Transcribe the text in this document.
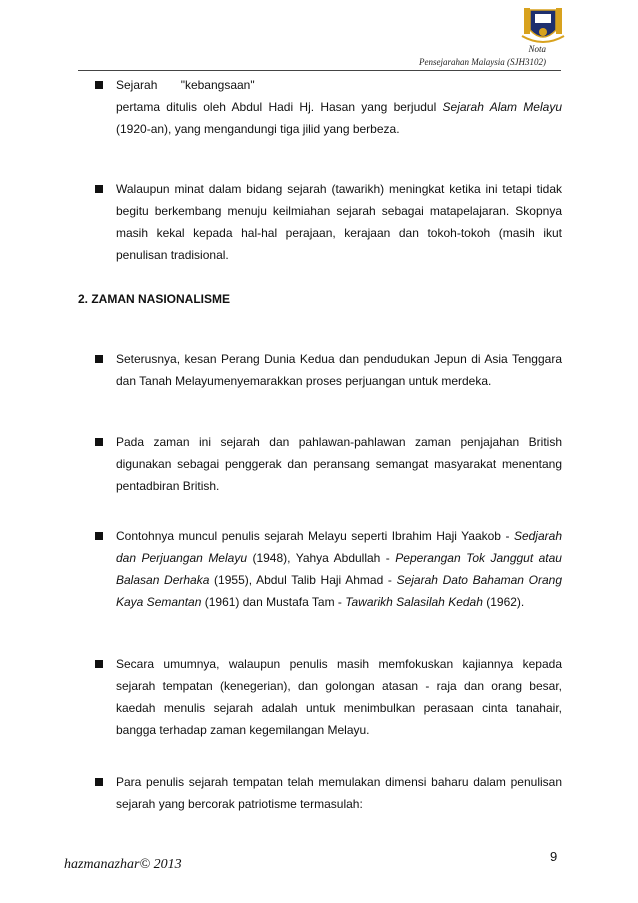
Nota
Pensejarahan Malaysia (SJH3102)
Sejarah       "kebangsaan"
pertama ditulis oleh Abdul Hadi Hj. Hasan yang berjudul Sejarah Alam Melayu (1920-an), yang mengandungi tiga jilid yang berbeza.
Walaupun minat dalam bidang sejarah (tawarikh) meningkat ketika ini tetapi tidak begitu berkembang menuju keilmiahan sejarah sebagai matapelajaran. Skopnya masih kekal kepada hal-hal perajaan, kerajaan dan tokoh-tokoh (masih ikut penulisan tradisional.
2. ZAMAN NASIONALISME
Seterusnya, kesan Perang Dunia Kedua dan pendudukan Jepun di Asia Tenggara dan Tanah Melayumenyemarakkan proses perjuangan untuk merdeka.
Pada zaman ini sejarah dan pahlawan-pahlawan zaman penjajahan British digunakan sebagai penggerak dan peransang semangat masyarakat menentang pentadbiran British.
Contohnya muncul penulis sejarah Melayu seperti Ibrahim Haji Yaakob - Sedjarah dan Perjuangan Melayu (1948), Yahya Abdullah - Peperangan Tok Janggut atau Balasan Derhaka (1955), Abdul Talib Haji Ahmad - Sejarah Dato Bahaman Orang Kaya Semantan (1961) dan Mustafa Tam - Tawarikh Salasilah Kedah (1962).
Secara umumnya, walaupun penulis masih memfokuskan kajiannya kepada sejarah tempatan (kenegerian), dan golongan atasan - raja dan orang besar, kaedah menulis sejarah adalah untuk menimbulkan perasaan cinta tanahair, bangga terhadap zaman kegemilangan Melayu.
Para penulis sejarah tempatan telah memulakan dimensi baharu dalam penulisan sejarah yang bercorak patriotisme termasulah:
hazmanazhar© 2013
9
